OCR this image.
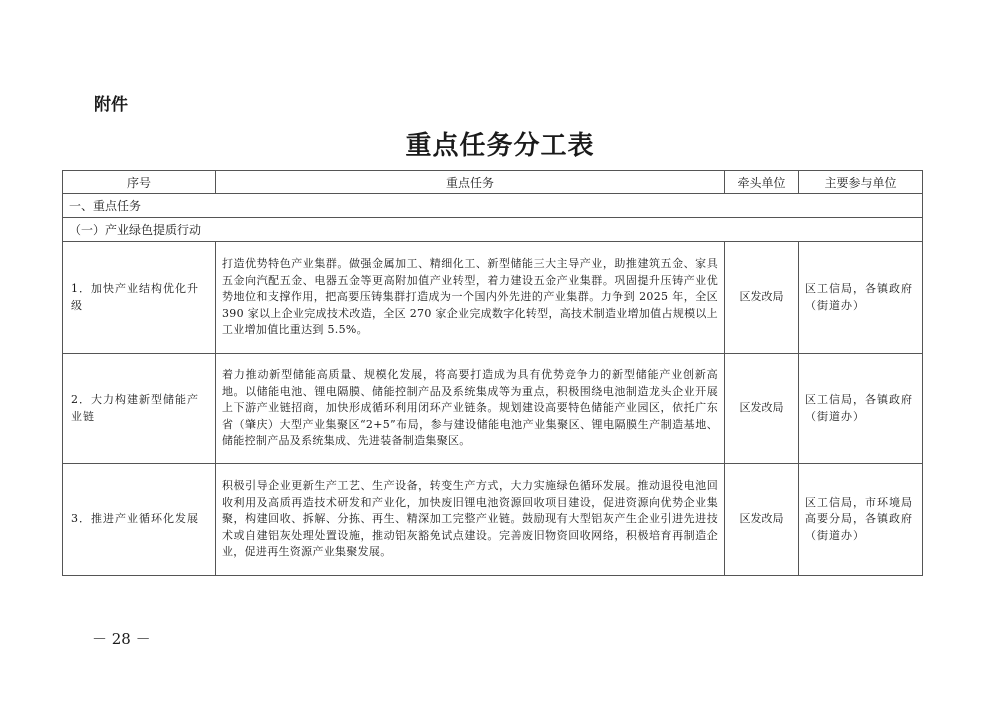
附件
重点任务分工表
序号	重点任务	牵头单位	主要参与单位
一、重点任务			
（一）产业绿色提质行动			
1．加快产业结构优化升级	打造优势特色产业集群。做强金属加工、精细化工、新型储能三大主导产业，助推建筑五金、家具五金向汽配五金、电器五金等更高附加值产业转型，着力建设五金产业集群。巩固提升压铸产业优势地位和支撑作用，把高要压铸集群打造成为一个国内外先进的产业集群。力争到 2025 年，全区 390 家以上企业完成技术改造，全区 270 家企业完成数字化转型，高技术制造业增加值占规模以上工业增加值比重达到 5.5%。	区发改局	区工信局，各镇政府（街道办）
2．大力构建新型储能产业链	着力推动新型储能高质量、规模化发展，将高要打造成为具有优势竞争力的新型储能产业创新高地。以储能电池、锂电隔膜、储能控制产品及系统集成等为重点，积极围绕电池制造龙头企业开展上下游产业链招商，加快形成循环利用闭环产业链条。规划建设高要特色储能产业园区，依托广东省（肇庆）大型产业集聚区“2+5”布局，参与建设储能电池产业集聚区、锂电隔膜生产制造基地、储能控制产品及系统集成、先进装备制造集聚区。	区发改局	区工信局，各镇政府（街道办）
3．推进产业循环化发展	积极引导企业更新生产工艺、生产设备，转变生产方式，大力实施绿色循环发展。推动退役电池回收利用及高质再造技术研发和产业化，加快废旧锂电池资源回收项目建设，促进资源向优势企业集聚，构建回收、拆解、分拣、再生、精深加工完整产业链。鼓励现有大型铝灰产生企业引进先进技术或自建铝灰处理处置设施，推动铝灰豁免试点建设。完善废旧物资回收网络，积极培育再制造企业，促进再生资源产业集聚发展。	区发改局	区工信局，市环境局高要分局，各镇政府（街道办）
－ 28 －
